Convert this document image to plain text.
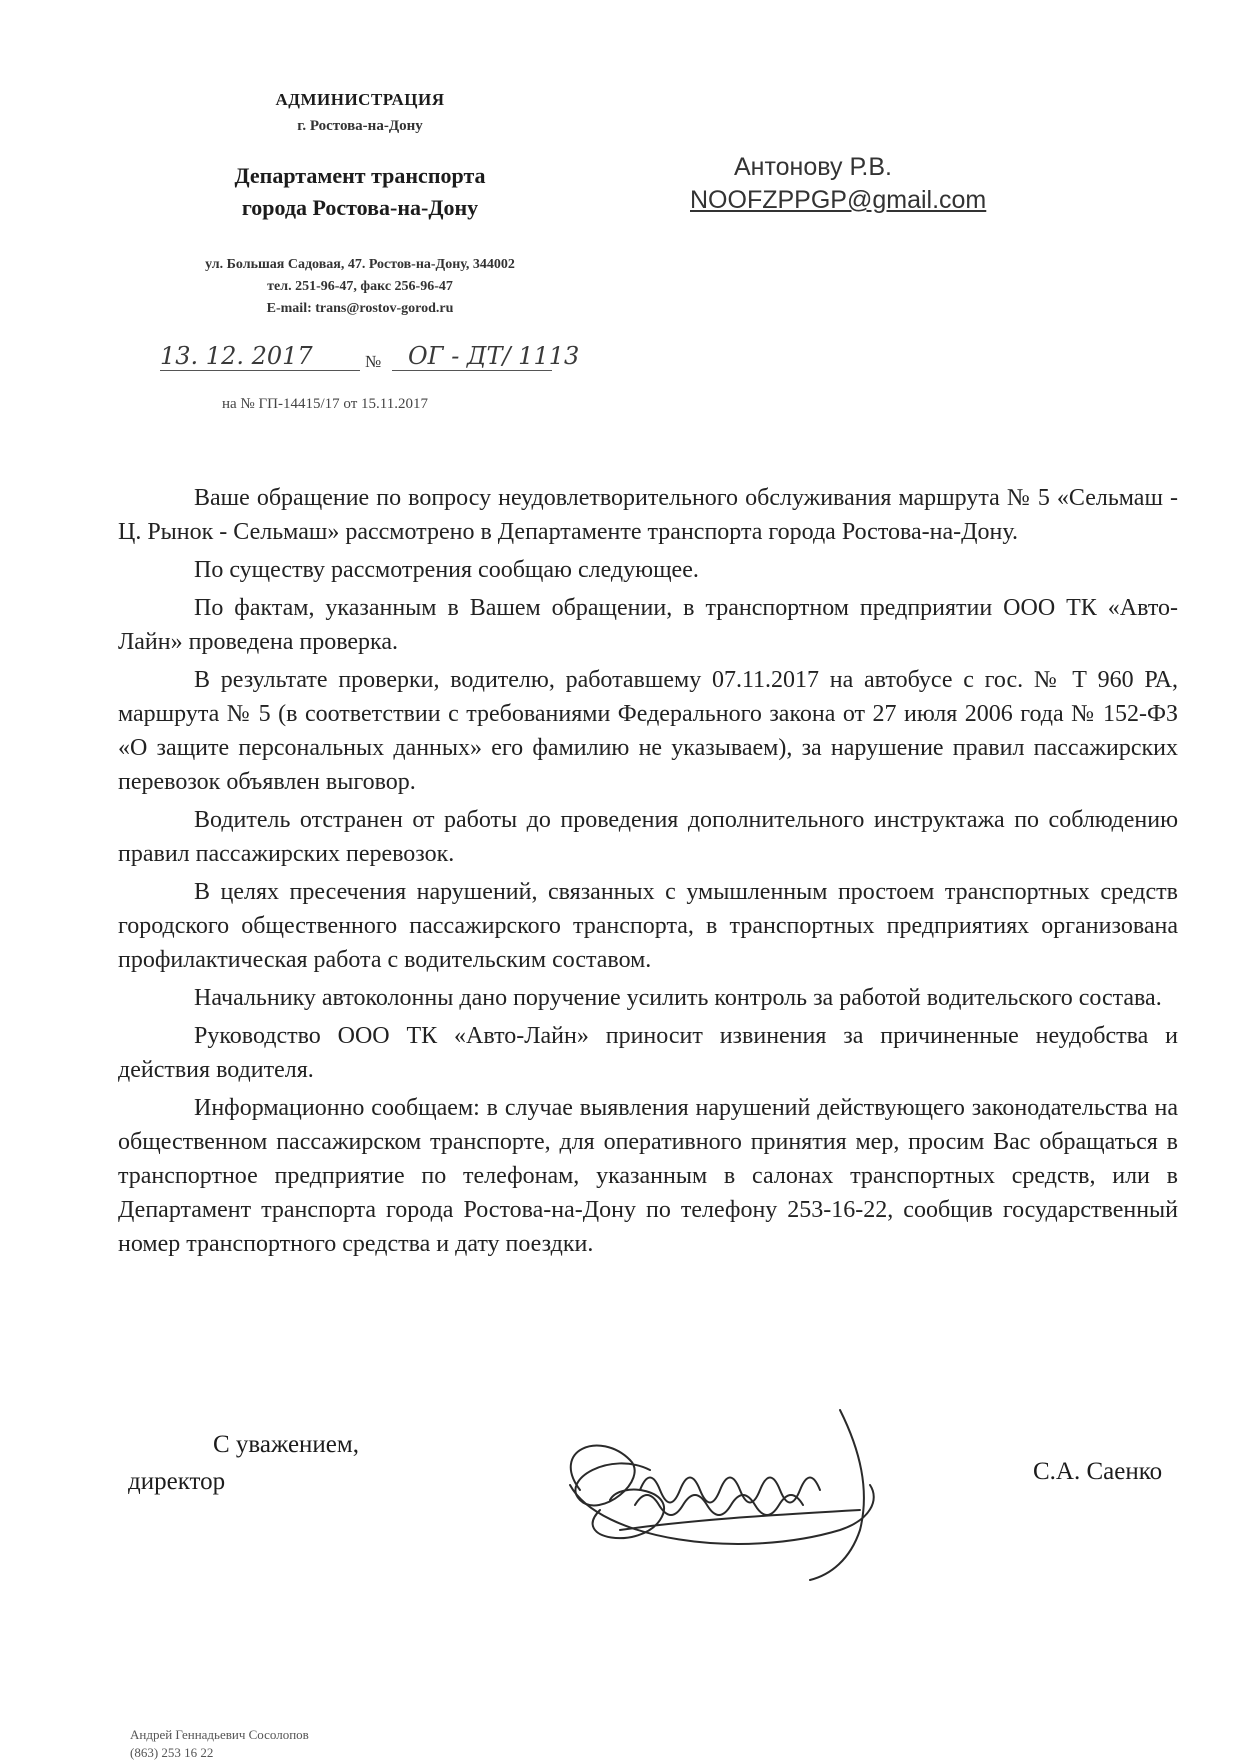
АДМИНИСТРАЦИЯ
г. Ростова-на-Дону
Департамент транспорта
города Ростова-на-Дону
ул. Большая Садовая, 47. Ростов-на-Дону, 344002
тел. 251-96-47, факс 256-96-47
E-mail: trans@rostov-gorod.ru
13. 12. 2017	№ ОГ - ДТ/ 1113
на № ГП-14415/17 от 15.11.2017
Антонову Р.В.
NOOFZPPGP@gmail.com

Ваше обращение по вопросу неудовлетворительного обслуживания маршрута № 5 «Сельмаш - Ц. Рынок - Сельмаш» рассмотрено в Департаменте транспорта города Ростова-на-Дону.

По существу рассмотрения сообщаю следующее.

По фактам, указанным в Вашем обращении, в транспортном предприятии ООО ТК «Авто-Лайн» проведена проверка.

В результате проверки, водителю, работавшему 07.11.2017 на автобусе с гос. № Т 960 РА, маршрута № 5 (в соответствии с требованиями Федерального закона от 27 июля 2006 года № 152-ФЗ «О защите персональных данных» его фамилию не указываем), за нарушение правил пассажирских перевозок объявлен выговор.

Водитель отстранен от работы до проведения дополнительного инструктажа по соблюдению правил пассажирских перевозок.

В целях пресечения нарушений, связанных с умышленным простоем транспортных средств городского общественного пассажирского транспорта, в транспортных предприятиях организована профилактическая работа с водительским составом.

Начальнику автоколонны дано поручение усилить контроль за работой водительского состава.

Руководство ООО ТК «Авто-Лайн» приносит извинения за причиненные неудобства и действия водителя.

Информационно сообщаем: в случае выявления нарушений действующего законодательства на общественном пассажирском транспорте, для оперативного принятия мер, просим Вас обращаться в транспортное предприятие по телефонам, указанным в салонах транспортных средств, или в Департамент транспорта города Ростова-на-Дону по телефону 253-16-22, сообщив государственный номер транспортного средства и дату поездки.

С уважением,
директор	С.А. Саенко
Андрей Геннадьевич Сосолопов
(863) 253 16 22
